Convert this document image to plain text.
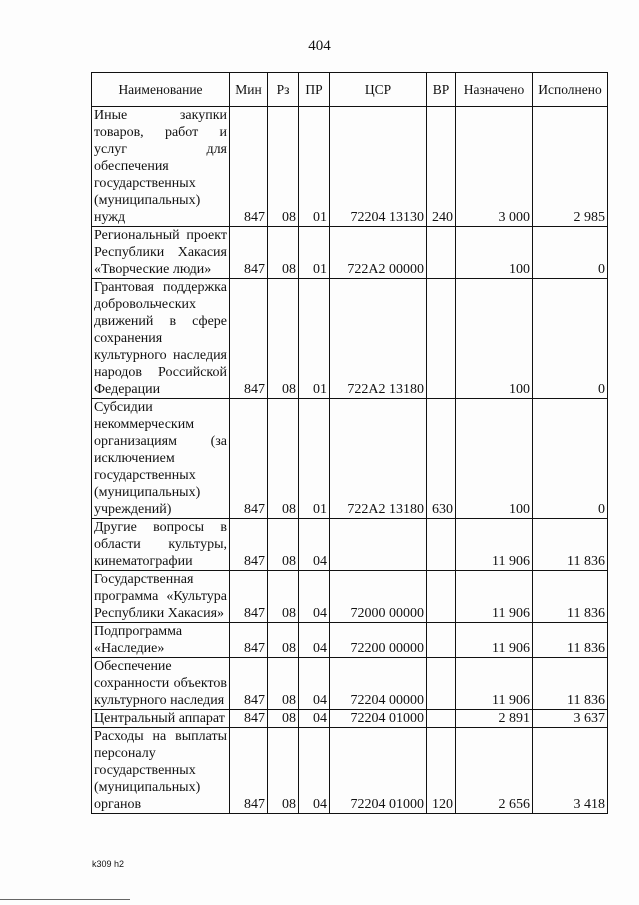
404
Наименование	Мин	Рз	ПР	ЦСР	ВР	Назначено	Исполнено
Иные закупки товаров, работ и услуг для обеспечения государственных (муниципальных) нужд	847	08	01	72204 13130	240	3 000	2 985
Региональный проект Республики Хакасия «Творческие люди»	847	08	01	722А2 00000		100	0
Грантовая поддержка добровольческих движений в сфере сохранения культурного наследия народов Российской Федерации	847	08	01	722А2 13180		100	0
Субсидии некоммерческим организациям (за исключением государственных (муниципальных) учреждений)	847	08	01	722А2 13180	630	100	0
Другие вопросы в области культуры, кинематографии	847	08	04			11 906	11 836
Государственная программа «Культура Республики Хакасия»	847	08	04	72000 00000		11 906	11 836
Подпрограмма «Наследие»	847	08	04	72200 00000		11 906	11 836
Обеспечение сохранности объектов культурного наследия	847	08	04	72204 00000		11 906	11 836
Центральный аппарат	847	08	04	72204 01000		2 891	3 637
Расходы на выплаты персоналу государственных (муниципальных) органов	847	08	04	72204 01000	120	2 656	3 418
k309 h2
